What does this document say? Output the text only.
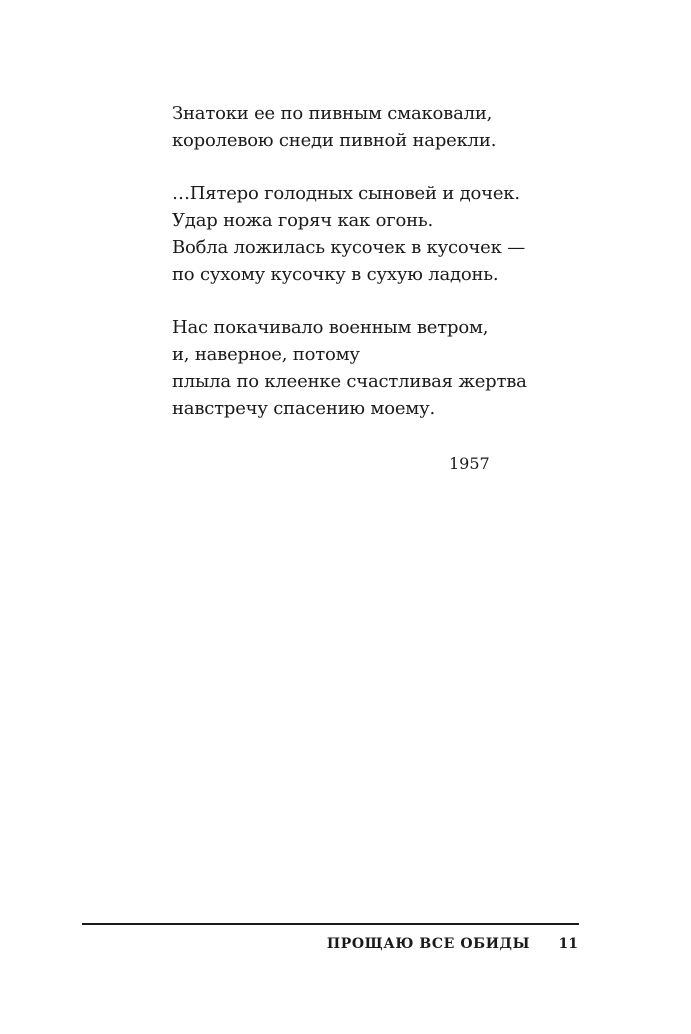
Знатоки ее по пивным смаковали,
королевою снеди пивной нарекли.
…Пятеро голодных сыновей и дочек.
Удар ножа горяч как огонь.
Вобла ложилась кусочек в кусочек —
по сухому кусочку в сухую ладонь.
Нас покачивало военным ветром,
и, наверное, потому
плыла по клеенке счастливая жертва
навстречу спасению моему.
1957
ПРОЩАЮ ВСЕ ОБИДЫ 11
